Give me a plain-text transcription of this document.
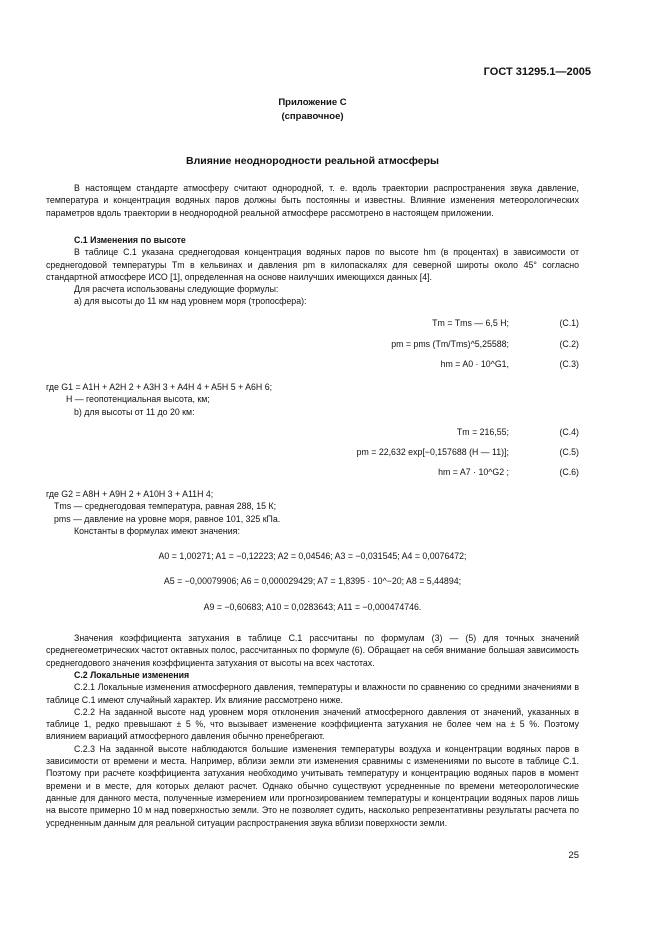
ГОСТ 31295.1—2005
Приложение С
(справочное)
Влияние неоднородности реальной атмосферы

В настоящем стандарте атмосферу считают однородной, т. е. вдоль траектории распространения звука давление, температура и концентрация водяных паров должны быть постоянны и известны. Влияние изменения метеорологических параметров вдоль траектории в неоднородной реальной атмосфере рассмотрено в настоящем приложении.

С.1 Изменения по высоте

В таблице С.1 указана среднегодовая концентрация водяных паров по высоте hm (в процентах) в зависимости от среднегодовой температуры Tm в кельвинах и давления pm в килопаскалях для северной широты около 45° согласно стандартной атмосфере ИСО [1], определенная на основе наилучших имеющихся данных [4].

Для расчета использованы следующие формулы:

а) для высоты до 11 км над уровнем моря (тропосфера):

Tm = Tms — 6,5 H;	(С.1)
pm = pms (Tm/Tms)^5,25588;	(С.2)
hm = A0 · 10^G1,	(С.3)

где G1 = A1H + A2H 2 + A3H 3 + A4H 4 + A5H 5 + A6H 6;

H — геопотенциальная высота, км;

b) для высоты от 11 до 20 км:

Tm = 216,55;	(С.4)
pm = 22,632 exp[−0,157688 (H — 11)];	(С.5)
hm = A7 · 10^G2 ;	(С.6)

где G2 = A8H + A9H 2 + A10H 3 + A11H 4;

Tms — среднегодовая температура, равная 288, 15 К;

pms — давление на уровне моря, равное 101, 325 кПа.

Константы в формулах имеют значения:

A0 = 1,00271; A1 = −0,12223; A2 = 0,04546; A3 = −0,031545; A4 = 0,0076472;
A5 = −0,00079906; A6 = 0,000029429; A7 = 1,8395 · 10^−20; A8 = 5,44894;
A9 = −0,60683; A10 = 0,0283643; A11 = −0,000474746.

Значения коэффициента затухания в таблице С.1 рассчитаны по формулам (3) — (5) для точных значений среднегеометрических частот октавных полос, рассчитанных по формуле (6). Обращает на себя внимание большая зависимость среднегодового значения коэффициента затухания от высоты на всех частотах.

С.2 Локальные изменения

С.2.1 Локальные изменения атмосферного давления, температуры и влажности по сравнению со средними значениями в таблице С.1 имеют случайный характер. Их влияние рассмотрено ниже.

С.2.2 На заданной высоте над уровнем моря отклонения значений атмосферного давления от значений, указанных в таблице 1, редко превышают ± 5 %, что вызывает изменение коэффициента затухания не более чем на ± 5 %. Поэтому влиянием вариаций атмосферного давления обычно пренебрегают.

С.2.3 На заданной высоте наблюдаются большие изменения температуры воздуха и концентрации водяных паров в зависимости от времени и места. Например, вблизи земли эти изменения сравнимы с изменениями по высоте в таблице С.1. Поэтому при расчете коэффициента затухания необходимо учитывать температуру и концентрацию водяных паров в момент времени и в месте, для которых делают расчет. Однако обычно существуют усредненные по времени метеорологические данные для данного места, полученные измерением или прогнозированием температуры и концентрации водяных паров лишь на высоте примерно 10 м над поверхностью земли. Это не позволяет судить, насколько репрезентативны результаты расчета по усредненным данным для реальной ситуации распространения звука вблизи поверхности земли.

25
